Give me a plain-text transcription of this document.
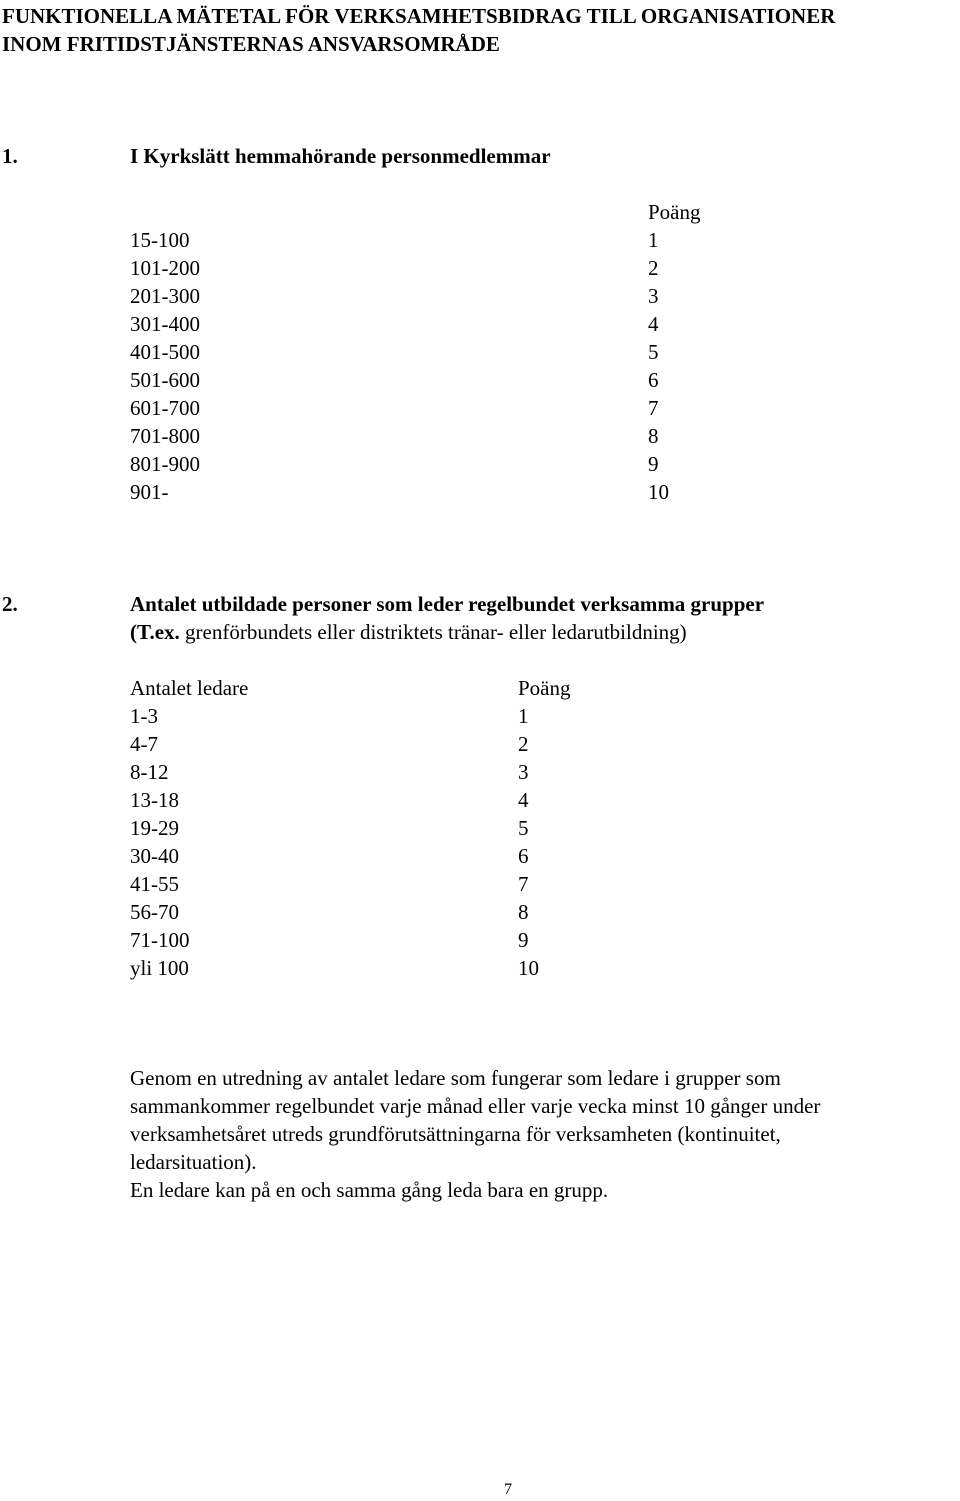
FUNKTIONELLA MÄTETAL FÖR VERKSAMHETSBIDRAG TILL ORGANISATIONER
INOM FRITIDSTJÄNSTERNAS ANSVARSOMRÅDE
1.	I Kyrkslätt hemmahörande personmedlemmar
Poäng
15-100	1
101-200	2
201-300	3
301-400	4
401-500	5
501-600	6
601-700	7
701-800	8
801-900	9
901-	10
2.	Antalet utbildade personer som leder regelbundet verksamma grupper
(T.ex. grenförbundets eller distriktets tränar- eller ledarutbildning)
Antalet ledare	Poäng
1-3	1
4-7	2
8-12	3
13-18	4
19-29	5
30-40	6
41-55	7
56-70	8
71-100	9
yli 100	10

Genom en utredning av antalet ledare som fungerar som ledare i grupper som

sammankommer regelbundet varje månad eller varje vecka minst 10 gånger under

verksamhetsåret utreds grundförutsättningarna för verksamheten (kontinuitet,

ledarsituation).

En ledare kan på en och samma gång leda bara en grupp.

7
